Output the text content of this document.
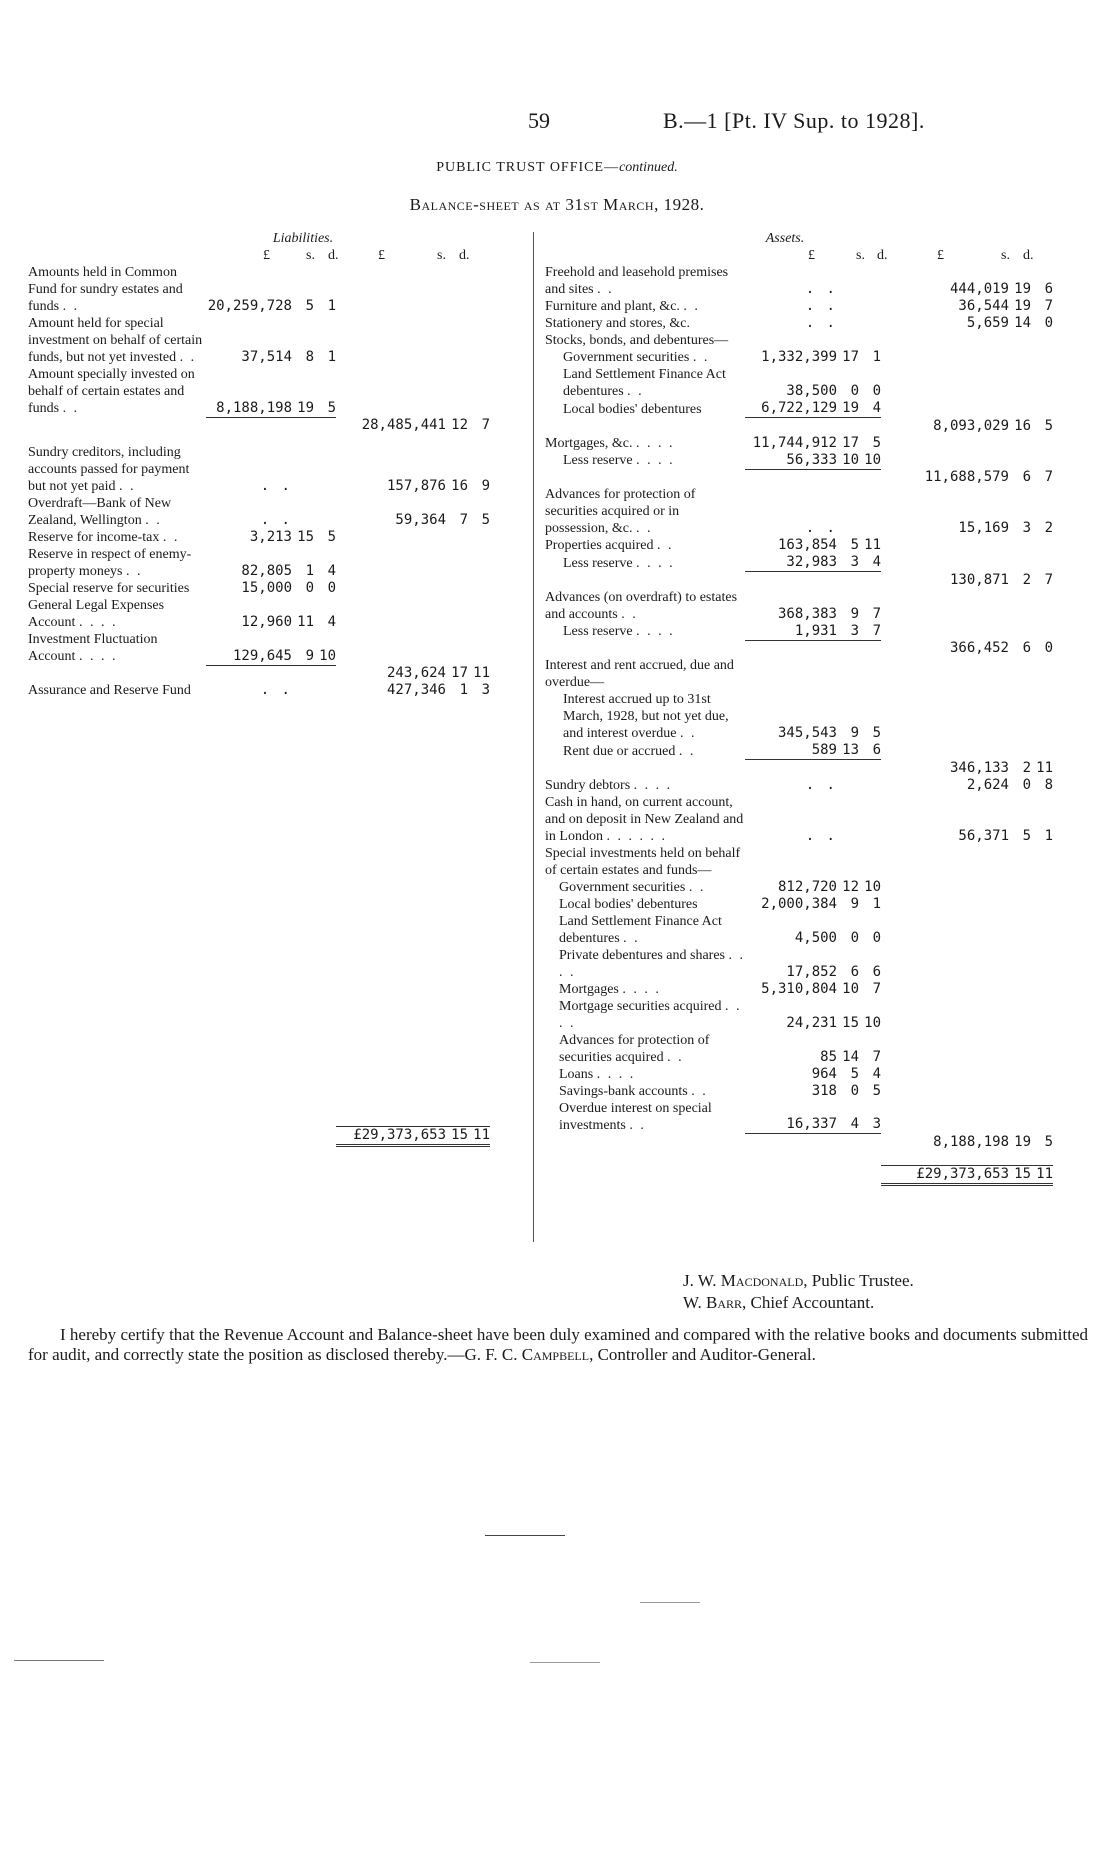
59	B.—1 [Pt. IV Sup. to 1928].
PUBLIC TRUST OFFICE—continued.
Balance-sheet as at 31st March, 1928.
Liabilities.
£	s. d.	£	s. d.
Amounts held in Common Fund for sundry estates and funds . .	20,259,728	5	1			
Amount held for special investment on behalf of certain funds, but not yet invested . .	37,514	8	1			
Amount specially invested on behalf of certain estates and funds . .	8,188,198	19	5			
				28,485,441	12	7

Sundry creditors, including accounts passed for payment but not yet paid . .	. .			157,876	16	9
Overdraft—Bank of New Zealand, Wellington . .	. .			59,364	7	5
Reserve for income-tax . .	3,213	15	5			
Reserve in respect of enemy-property moneys . .	82,805	1	4			
Special reserve for securities	15,000	0	0			
General Legal Expenses Account . . . .	12,960	11	4			
Investment Fluctuation Account . . . .	129,645	9	10			
				243,624	17	11
Assurance and Reserve Fund	. .			427,346	1	3

				£29,373,653	15	11

Assets.
£	s. d.	£	s. d.
Freehold and leasehold premises and sites . .	. .			444,019	19	6
Furniture and plant, &c. . .	. .			36,544	19	7
Stationery and stores, &c.	. .			5,659	14	0
Stocks, bonds, and debentures—						
Government securities . .	1,332,399	17	1			
Land Settlement Finance Act debentures . .	38,500	0	0			
Local bodies' debentures	6,722,129	19	4			
				8,093,029	16	5
Mortgages, &c. . . . .	11,744,912	17	5			
Less reserve . . . .	56,333	10	10			
				11,688,579	6	7
Advances for protection of securities acquired or in possession, &c. . .	. .			15,169	3	2
Properties acquired . .	163,854	5	11			
Less reserve . . . .	32,983	3	4			
				130,871	2	7
Advances (on overdraft) to estates and accounts . .	368,383	9	7			
Less reserve . . . .	1,931	3	7			
				366,452	6	0
Interest and rent accrued, due and overdue—						
Interest accrued up to 31st March, 1928, but not yet due, and interest overdue . .	345,543	9	5			
Rent due or accrued . .	589	13	6			
				346,133	2	11
Sundry debtors . . . .	. .			2,624	0	8
Cash in hand, on current account, and on deposit in New Zealand and in London . . . . . .	. .			56,371	5	1
Special investments held on behalf of certain estates and funds—						
Government securities . .	812,720	12	10			
Local bodies' debentures	2,000,384	9	1			
Land Settlement Finance Act debentures . .	4,500	0	0			
Private debentures and shares . . . .	17,852	6	6			
Mortgages . . . .	5,310,804	10	7			
Mortgage securities acquired . . . .	24,231	15	10			
Advances for protection of securities acquired . .	85	14	7			
Loans . . . .	964	5	4			
Savings-bank accounts . .	318	0	5			
Overdue interest on special investments . .	16,337	4	3			
				8,188,198	19	5

				£29,373,653	15	11

J. W. Macdonald, Public Trustee.
W. Barr, Chief Accountant.
I hereby certify that the Revenue Account and Balance-sheet have been duly examined and compared with the relative books and documents submitted for audit, and correctly state the position as disclosed thereby.—G. F. C. Campbell, Controller and Auditor-General.
